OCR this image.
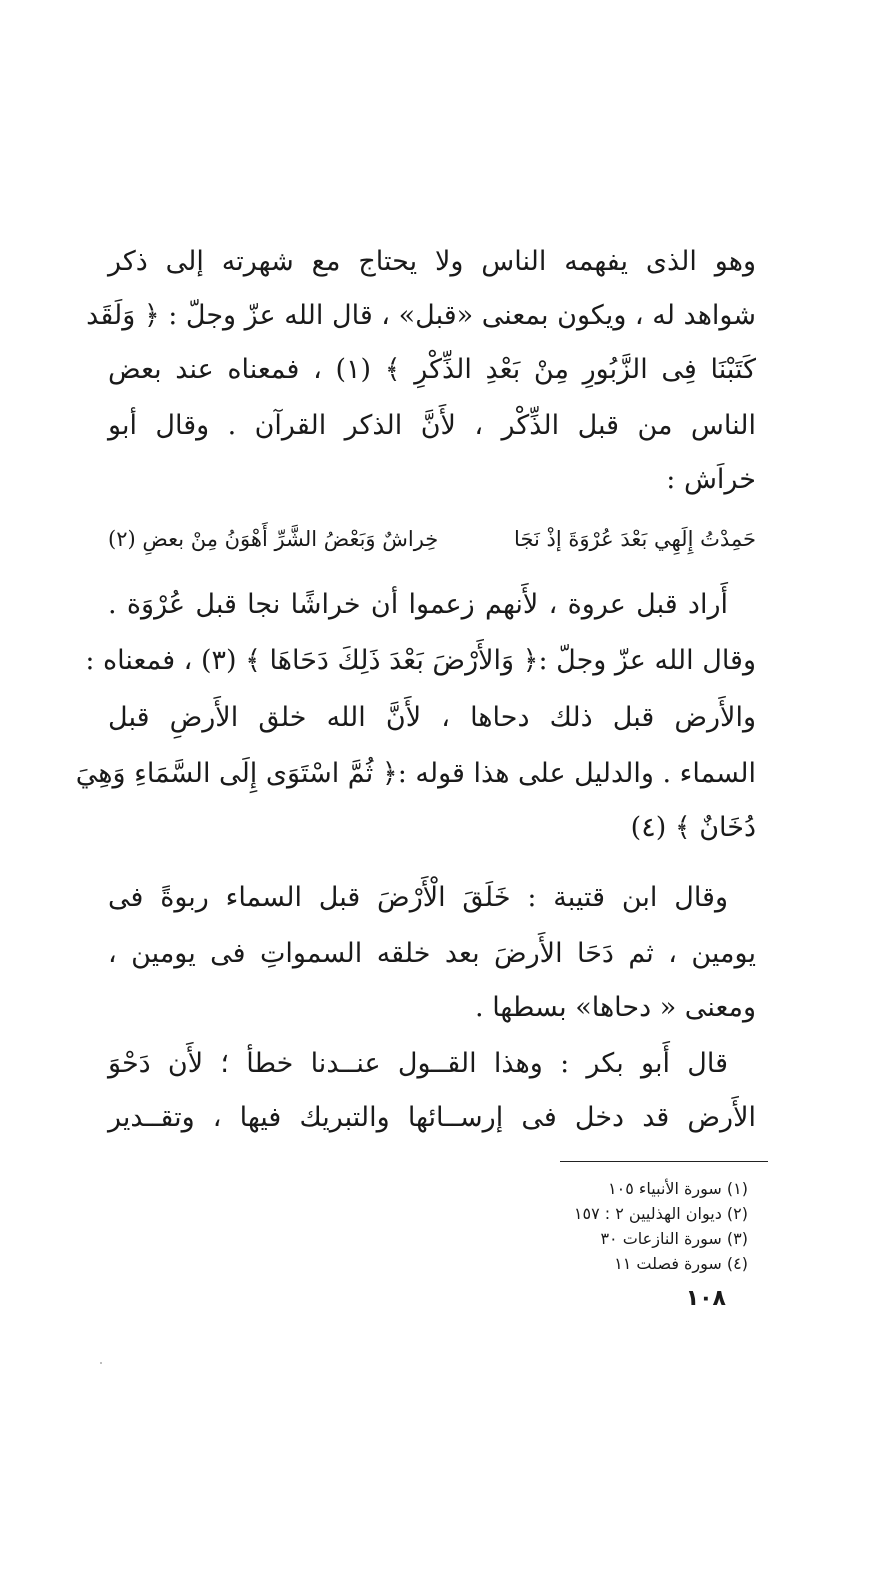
وهو الذى يفهمه الناس ولا يحتاج مع شهرته إلى ذكر
شواهد له ، ويكون بمعنى «قبل» ، قال الله عزّ وجلّ : ﴿ وَلَقَد
كَتَبْنَا فِى الزَّبُورِ مِنْ بَعْدِ الذِّكْرِ ﴾ (١) ، فمعناه عند بعض
الناس من قبل الذِّكْر ، لأَنَّ الذكر القرآن . وقال أبو
خراَش :
حَمِدْتُ إِلَهِي بَعْدَ عُرْوَةَ إذْ نَجَا
خِراشٌ وَبَعْضُ الشَّرِّ أَهْوَنُ مِنْ بعضِ (٢)
أَراد قبل عروة ، لأَنهم زعموا أن خراشًا نجا قبل عُرْوَة .
وقال الله عزّ وجلّ :﴿ وَالأَرْضَ بَعْدَ ذَلِكَ دَحَاهَا ﴾ (٣) ، فمعناه :
والأَرض قبل ذلك دحاها ، لأَنَّ الله خلق الأَرضِ قبل
السماء . والدليل على هذا قوله :﴿ ثُمَّ اسْتَوَى إِلَى السَّمَاءِ وَهِيَ
دُخَانٌ ﴾ (٤)
وقال ابن قتيبة : خَلَقَ الْأَرْضَ قبل السماء ربوةً فى
يومين ، ثم دَحَا الأَرضَ بعد خلقه السمواتِ فى يومين ،
ومعنى « دحاها» بسطها .
قال أَبو بكر : وهذا القــول عنــدنا خطأ ؛ لأَن دَحْوَ
الأَرض قد دخل فى إرســائها والتبريك فيها ، وتقــدير
(١) سورة الأنبياء ١٠٥
(٢) ديوان الهذليين ٢ : ١٥٧
(٣) سورة النازعات ٣٠
(٤) سورة فصلت ١١
١٠٨
